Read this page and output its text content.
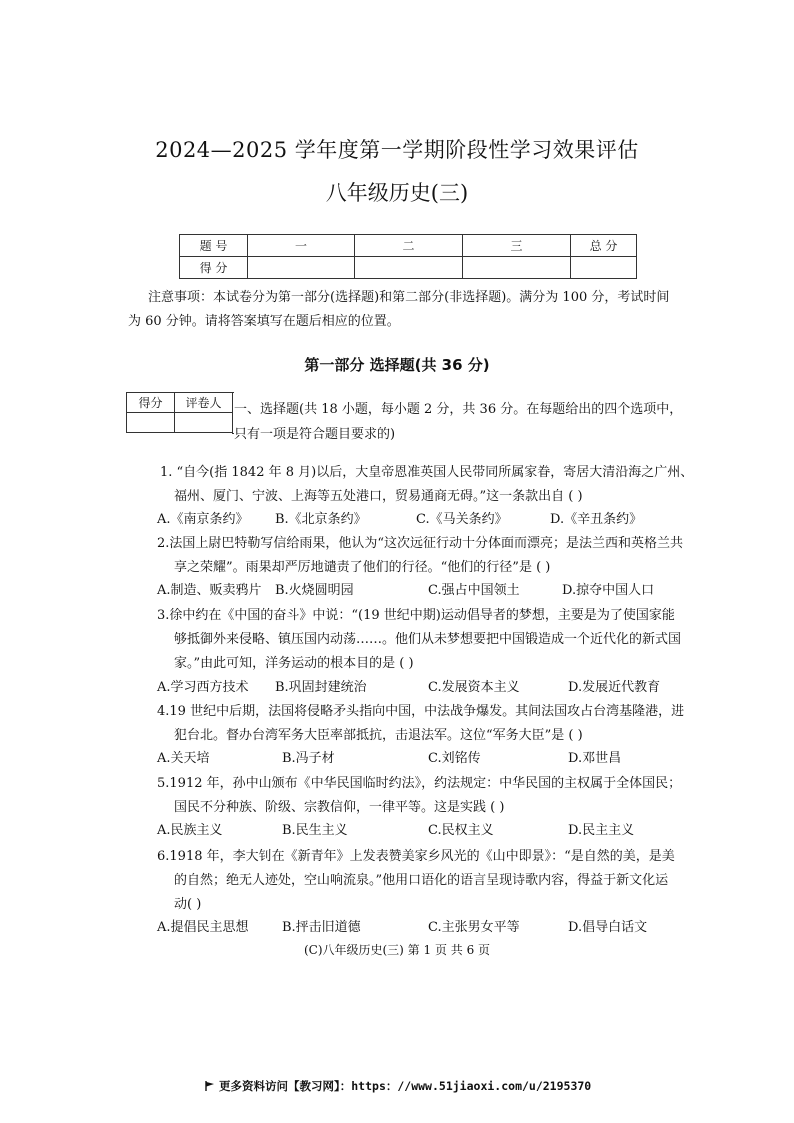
2024—2025 学年度第一学期阶段性学习效果评估
八年级历史(三)
题 号	一	二	三	总 分
得 分				
注意事项：本试卷分为第一部分(选择题)和第二部分(非选择题)。满分为 100 分，考试时间
为 60 分钟。请将答案填写在题后相应的位置。
第一部分 选择题(共 36 分)
得分	评卷人
	一、选择题(共 18 小题，每小题 2 分，共 36 分。在每题给出的四个选项中，
只有一项是符合题目要求的)
1. “自今(指 1842 年 8 月)以后，大皇帝恩准英国人民带同所属家眷，寄居大清沿海之广州、
福州、厦门、宁波、上海等五处港口，贸易通商无碍。”这一条款出自 ( )
A.《南京条约》 B.《北京条约》	C.《马关条约》	D.《辛丑条约》
2.法国上尉巴特勒写信给雨果，他认为“这次远征行动十分体面而漂亮；是法兰西和英格兰共
享之荣耀”。雨果却严厉地谴责了他们的行径。“他们的行径”是 ( )
A.制造、贩卖鸦片 B.火烧圆明园	C.强占中国领土	D.掠夺中国人口
3.徐中约在《中国的奋斗》中说：“(19 世纪中期)运动倡导者的梦想，主要是为了使国家能
够抵御外来侵略、镇压国内动荡……。他们从未梦想要把中国锻造成一个近代化的新式国
家。”由此可知，洋务运动的根本目的是 ( )
A.学习西方技术 B.巩固封建统治	C.发展资本主义	D.发展近代教育
4.19 世纪中后期，法国将侵略矛头指向中国，中法战争爆发。其间法国攻占台湾基隆港，进
犯台北。督办台湾军务大臣率部抵抗，击退法军。这位“军务大臣”是 ( )
A.关天培	B.冯子材	C.刘铭传	D.邓世昌
5.1912 年，孙中山颁布《中华民国临时约法》，约法规定：中华民国的主权属于全体国民；
国民不分种族、阶级、宗教信仰，一律平等。这是实践 ( )
A.民族主义	B.民生主义	C.民权主义	D.民主主义
6.1918 年，李大钊在《新青年》上发表赞美家乡风光的《山中即景》：“是自然的美，是美
的自然；绝无人迹处，空山响流泉。”他用口语化的语言呈现诗歌内容，得益于新文化运
动( )
A.提倡民主思想	B.抨击旧道德	C.主张男女平等	D.倡导白话文
(C)八年级历史(三) 第 1 页 共 6 页
更多资料访问【教习网】：https：//www.51jiaoxi.com/u/2195370
